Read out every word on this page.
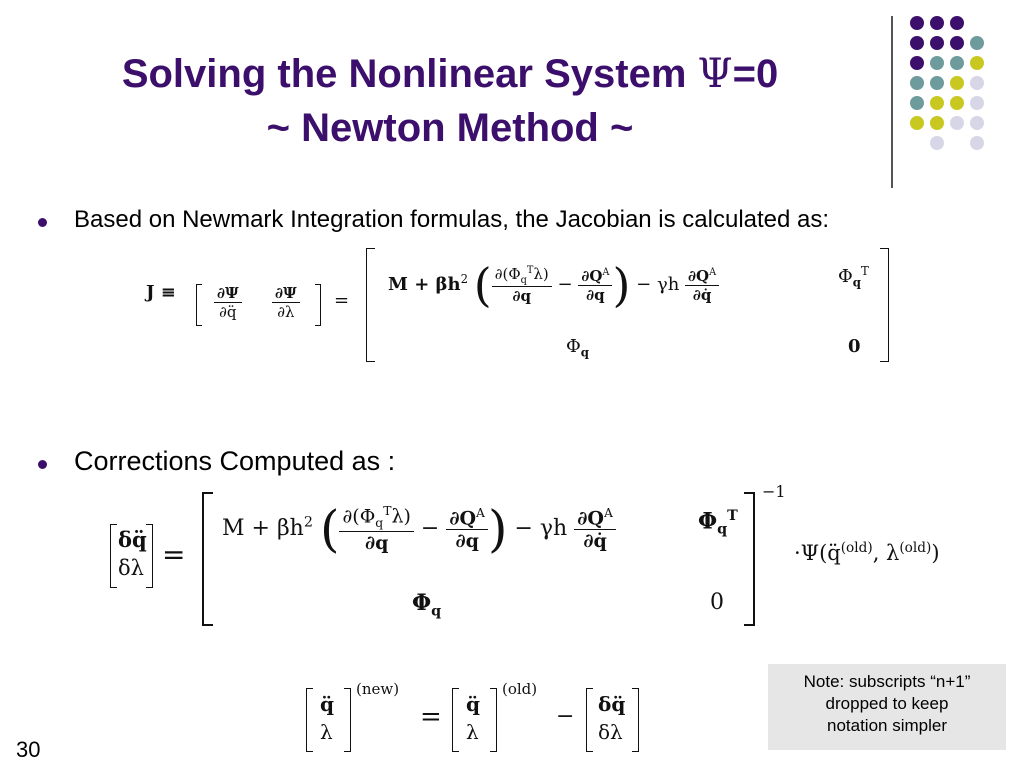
Solving the Nonlinear System Ψ=0
~ Newton Method ~
Based on Newmark Integration formulas, the Jacobian is calculated as:
J ≡	$\frac{\partial\Psi}{\partial q̈} \frac{\partial\Psi}{\partial\lambda}$ =
$M + \beta h^2$ ( $\frac{\partial(\Phi_q^T\lambda)}{\partial q} - \frac{\partial Q^A}{\partial q}$ ) − γh $\frac{\partial Q^A}{\partial q̇}$	$\Phi_q^T$
$\Phi_q$	0
Corrections Computed as :
δq̈
δλ =
$M + \beta h^2$ ( $\frac{\partial(\Phi_q^T\lambda)}{\partial q} - \frac{\partial Q^A}{\partial q}$ ) − γh $\frac{\partial Q^A}{\partial q̇}$	$\Phi_q^T$
$\Phi_q$	0
−1
·Ψ(q̈$^{(old)}$, $\lambda^{(old)}$)
q̈
λ
(new)
= q̈
λ
(old)
− δq̈
δλ
Note: subscripts “n+1”
dropped to keep
notation simpler
30
